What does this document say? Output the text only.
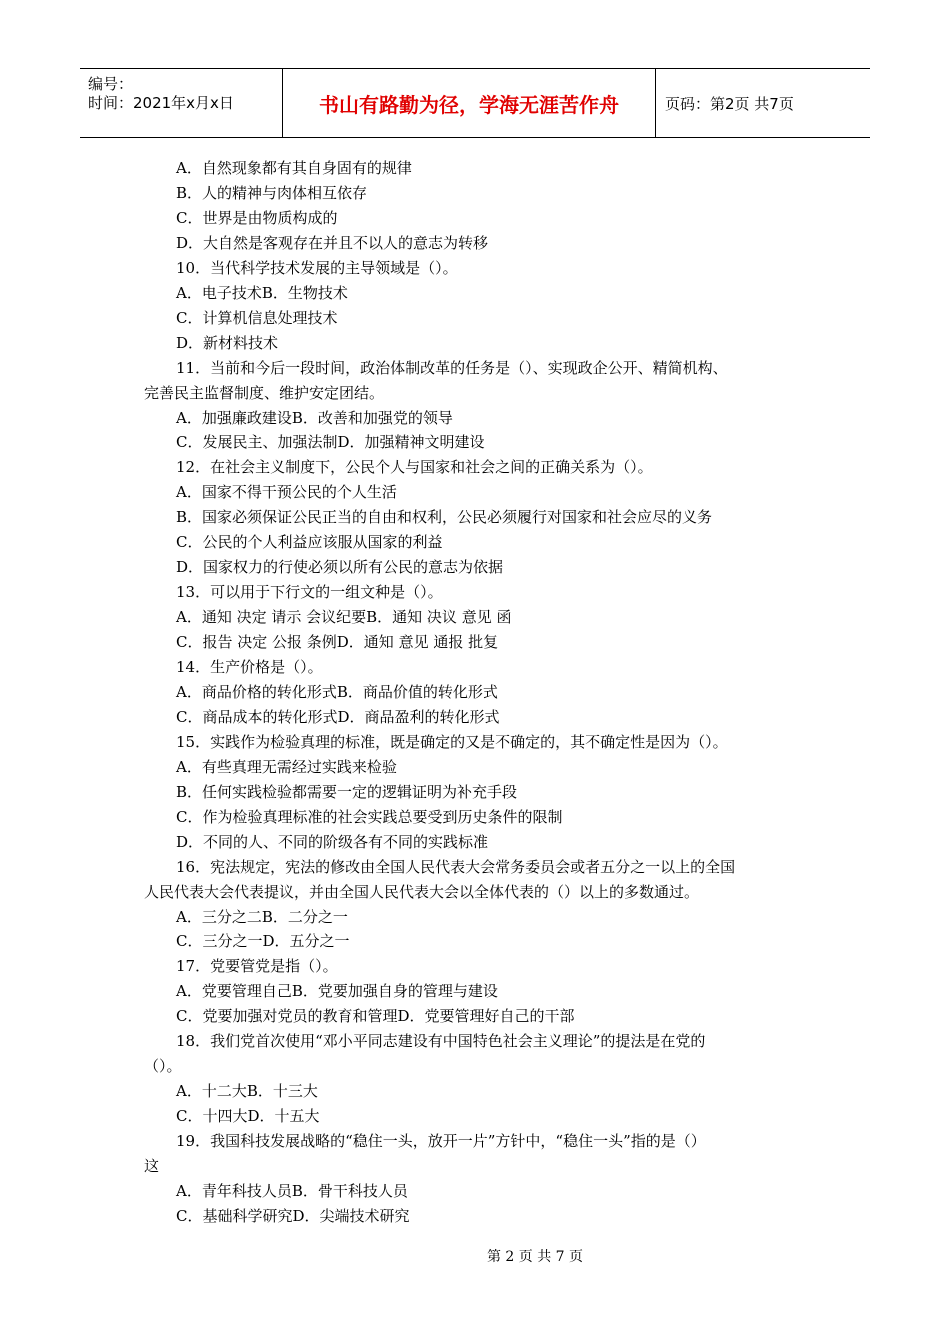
编号：
时间：2021年x月x日	书山有路勤为径，学海无涯苦作舟	页码：第2页 共7页
A．自然现象都有其自身固有的规律
B．人的精神与肉体相互依存
C．世界是由物质构成的
D．大自然是客观存在并且不以人的意志为转移
10．当代科学技术发展的主导领域是（）。
A．电子技术B．生物技术
C．计算机信息处理技术
D．新材料技术
11．当前和今后一段时间，政治体制改革的任务是（）、实现政企公开、精简机构、
完善民主监督制度、维护安定团结。
A．加强廉政建设B．改善和加强党的领导
C．发展民主、加强法制D．加强精神文明建设
12．在社会主义制度下，公民个人与国家和社会之间的正确关系为（）。
A．国家不得干预公民的个人生活
B．国家必须保证公民正当的自由和权利，公民必须履行对国家和社会应尽的义务
C．公民的个人利益应该服从国家的利益
D．国家权力的行使必须以所有公民的意志为依据
13．可以用于下行文的一组文种是（）。
A．通知 决定 请示 会议纪要B．通知 决议 意见 函
C．报告 决定 公报 条例D．通知 意见 通报 批复
14．生产价格是（）。
A．商品价格的转化形式B．商品价值的转化形式
C．商品成本的转化形式D．商品盈利的转化形式
15．实践作为检验真理的标准，既是确定的又是不确定的，其不确定性是因为（）。
A．有些真理无需经过实践来检验
B．任何实践检验都需要一定的逻辑证明为补充手段
C．作为检验真理标准的社会实践总要受到历史条件的限制
D．不同的人、不同的阶级各有不同的实践标准
16．宪法规定，宪法的修改由全国人民代表大会常务委员会或者五分之一以上的全国
人民代表大会代表提议，并由全国人民代表大会以全体代表的（）以上的多数通过。
A．三分之二B．二分之一
C．三分之一D．五分之一
17．党要管党是指（）。
A．党要管理自己B．党要加强自身的管理与建设
C．党要加强对党员的教育和管理D．党要管理好自己的干部
18．我们党首次使用“邓小平同志建设有中国特色社会主义理论”的提法是在党的
（）。
A．十二大B．十三大
C．十四大D．十五大
19．我国科技发展战略的“稳住一头，放开一片”方针中，“稳住一头”指的是（）
这
A．青年科技人员B．骨干科技人员
C．基础科学研究D．尖端技术研究
第 2 页 共 7 页
